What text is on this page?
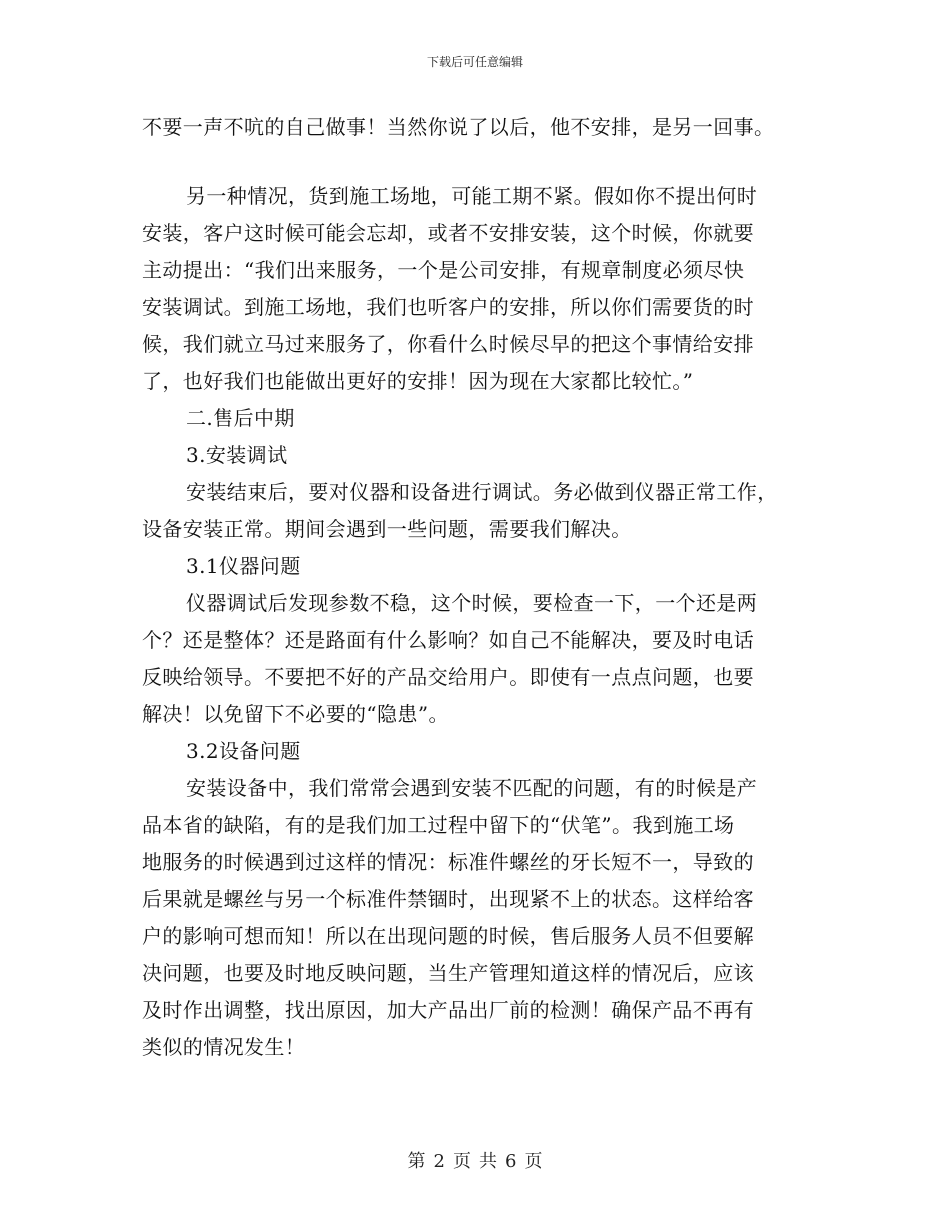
下载后可任意编辑
不要一声不吭的自己做事！当然你说了以后，他不安排，是另一回事。
另一种情况，货到施工场地，可能工期不紧。假如你不提出何时
安装，客户这时候可能会忘却，或者不安排安装，这个时候，你就要
主动提出：“我们出来服务，一个是公司安排，有规章制度必须尽快
安装调试。到施工场地，我们也听客户的安排，所以你们需要货的时
候，我们就立马过来服务了，你看什么时候尽早的把这个事情给安排
了，也好我们也能做出更好的安排！因为现在大家都比较忙。”
二.售后中期
3.安装调试
安装结束后，要对仪器和设备进行调试。务必做到仪器正常工作，
设备安装正常。期间会遇到一些问题，需要我们解决。
3.1仪器问题
仪器调试后发现参数不稳，这个时候，要检查一下，一个还是两
个？还是整体？还是路面有什么影响？如自己不能解决，要及时电话
反映给领导。不要把不好的产品交给用户。即使有一点点问题，也要
解决！以免留下不必要的“隐患”。
3.2设备问题
安装设备中，我们常常会遇到安装不匹配的问题，有的时候是产
品本省的缺陷，有的是我们加工过程中留下的“伏笔”。我到施工场
地服务的时候遇到过这样的情况：标准件螺丝的牙长短不一，导致的
后果就是螺丝与另一个标准件禁锢时，出现紧不上的状态。这样给客
户的影响可想而知！所以在出现问题的时候，售后服务人员不但要解
决问题，也要及时地反映问题，当生产管理知道这样的情况后，应该
及时作出调整，找出原因，加大产品出厂前的检测！确保产品不再有
类似的情况发生！
第 2 页 共 6 页
